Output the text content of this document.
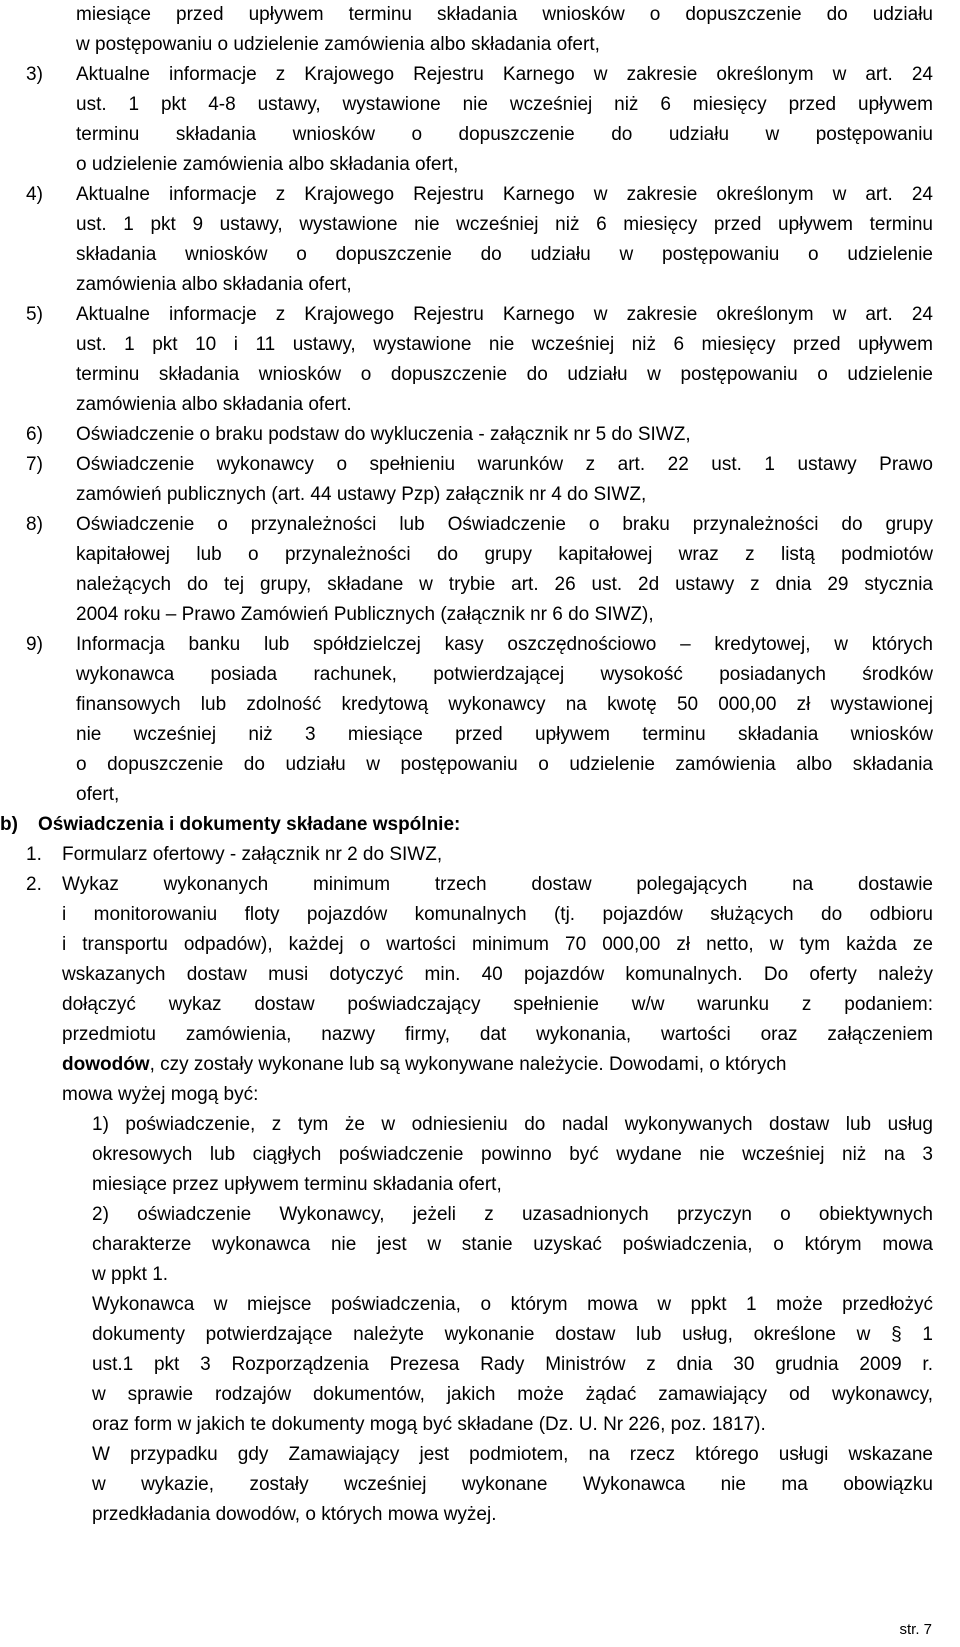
miesiące przed upływem terminu składania wniosków o dopuszczenie do udziału
w postępowaniu o udzielenie zamówienia albo składania ofert,
3)	Aktualne informacje z Krajowego Rejestru Karnego w zakresie określonym w art. 24
ust. 1 pkt 4-8 ustawy, wystawione nie wcześniej niż 6 miesięcy przed upływem
terminu składania wniosków o dopuszczenie do udziału w postępowaniu
o udzielenie zamówienia albo składania ofert,
4)	Aktualne informacje z Krajowego Rejestru Karnego w zakresie określonym w art. 24
ust. 1 pkt 9 ustawy, wystawione nie wcześniej niż 6 miesięcy przed upływem terminu
składania wniosków o dopuszczenie do udziału w postępowaniu o udzielenie
zamówienia albo składania ofert,
5)	Aktualne informacje z Krajowego Rejestru Karnego w zakresie określonym w art. 24
ust. 1 pkt 10 i 11 ustawy, wystawione nie wcześniej niż 6 miesięcy przed upływem
terminu składania wniosków o dopuszczenie do udziału w postępowaniu o udzielenie
zamówienia albo składania ofert.
6)	Oświadczenie o braku podstaw do wykluczenia - załącznik nr 5 do SIWZ,
7)	Oświadczenie wykonawcy o spełnieniu warunków z art. 22 ust. 1 ustawy Prawo
zamówień publicznych (art. 44 ustawy Pzp) załącznik nr 4 do SIWZ,
8)	Oświadczenie o przynależności lub Oświadczenie o braku przynależności do grupy
kapitałowej lub o przynależności do grupy kapitałowej wraz z listą podmiotów
należących do tej grupy, składane w trybie art. 26 ust. 2d ustawy z dnia 29 stycznia
2004 roku – Prawo Zamówień Publicznych (załącznik nr 6 do SIWZ),
9)	Informacja banku lub spółdzielczej kasy oszczędnościowo – kredytowej, w których
wykonawca posiada rachunek, potwierdzającej wysokość posiadanych środków
finansowych lub zdolność kredytową wykonawcy na kwotę 50 000,00 zł wystawionej
nie wcześniej niż 3 miesiące przed upływem terminu składania wniosków
o dopuszczenie do udziału w postępowaniu o udzielenie zamówienia albo składania
ofert,
b)	Oświadczenia i dokumenty składane wspólnie:
1.	Formularz ofertowy - załącznik nr 2 do SIWZ,
2.	Wykaz wykonanych minimum trzech dostaw polegających na dostawie
i monitorowaniu floty pojazdów komunalnych (tj. pojazdów służących do odbioru
i transportu odpadów), każdej o wartości minimum 70 000,00 zł netto, w tym każda ze
wskazanych dostaw musi dotyczyć min. 40 pojazdów komunalnych. Do oferty należy
dołączyć wykaz dostaw poświadczający spełnienie w/w warunku z podaniem:
przedmiotu zamówienia, nazwy firmy, dat wykonania, wartości oraz załączeniem
dowodów, czy zostały wykonane lub są wykonywane należycie. Dowodami, o których
mowa wyżej mogą być:
1) poświadczenie, z tym że w odniesieniu do nadal wykonywanych dostaw lub usług
okresowych lub ciągłych poświadczenie powinno być wydane nie wcześniej niż na 3
miesiące przez upływem terminu składania ofert,
2) oświadczenie Wykonawcy, jeżeli z uzasadnionych przyczyn o obiektywnych
charakterze wykonawca nie jest w stanie uzyskać poświadczenia, o którym mowa
w ppkt 1.
Wykonawca w miejsce poświadczenia, o którym mowa w ppkt 1 może przedłożyć
dokumenty potwierdzające należyte wykonanie dostaw lub usług, określone w § 1
ust.1 pkt 3 Rozporządzenia Prezesa Rady Ministrów z dnia 30 grudnia 2009 r.
w sprawie rodzajów dokumentów, jakich może żądać zamawiający od wykonawcy,
oraz form w jakich te dokumenty mogą być składane (Dz. U. Nr 226, poz. 1817).
W przypadku gdy Zamawiający jest podmiotem, na rzecz którego usługi wskazane
w wykazie, zostały wcześniej wykonane Wykonawca nie ma obowiązku
przedkładania dowodów, o których mowa wyżej.
str. 7
